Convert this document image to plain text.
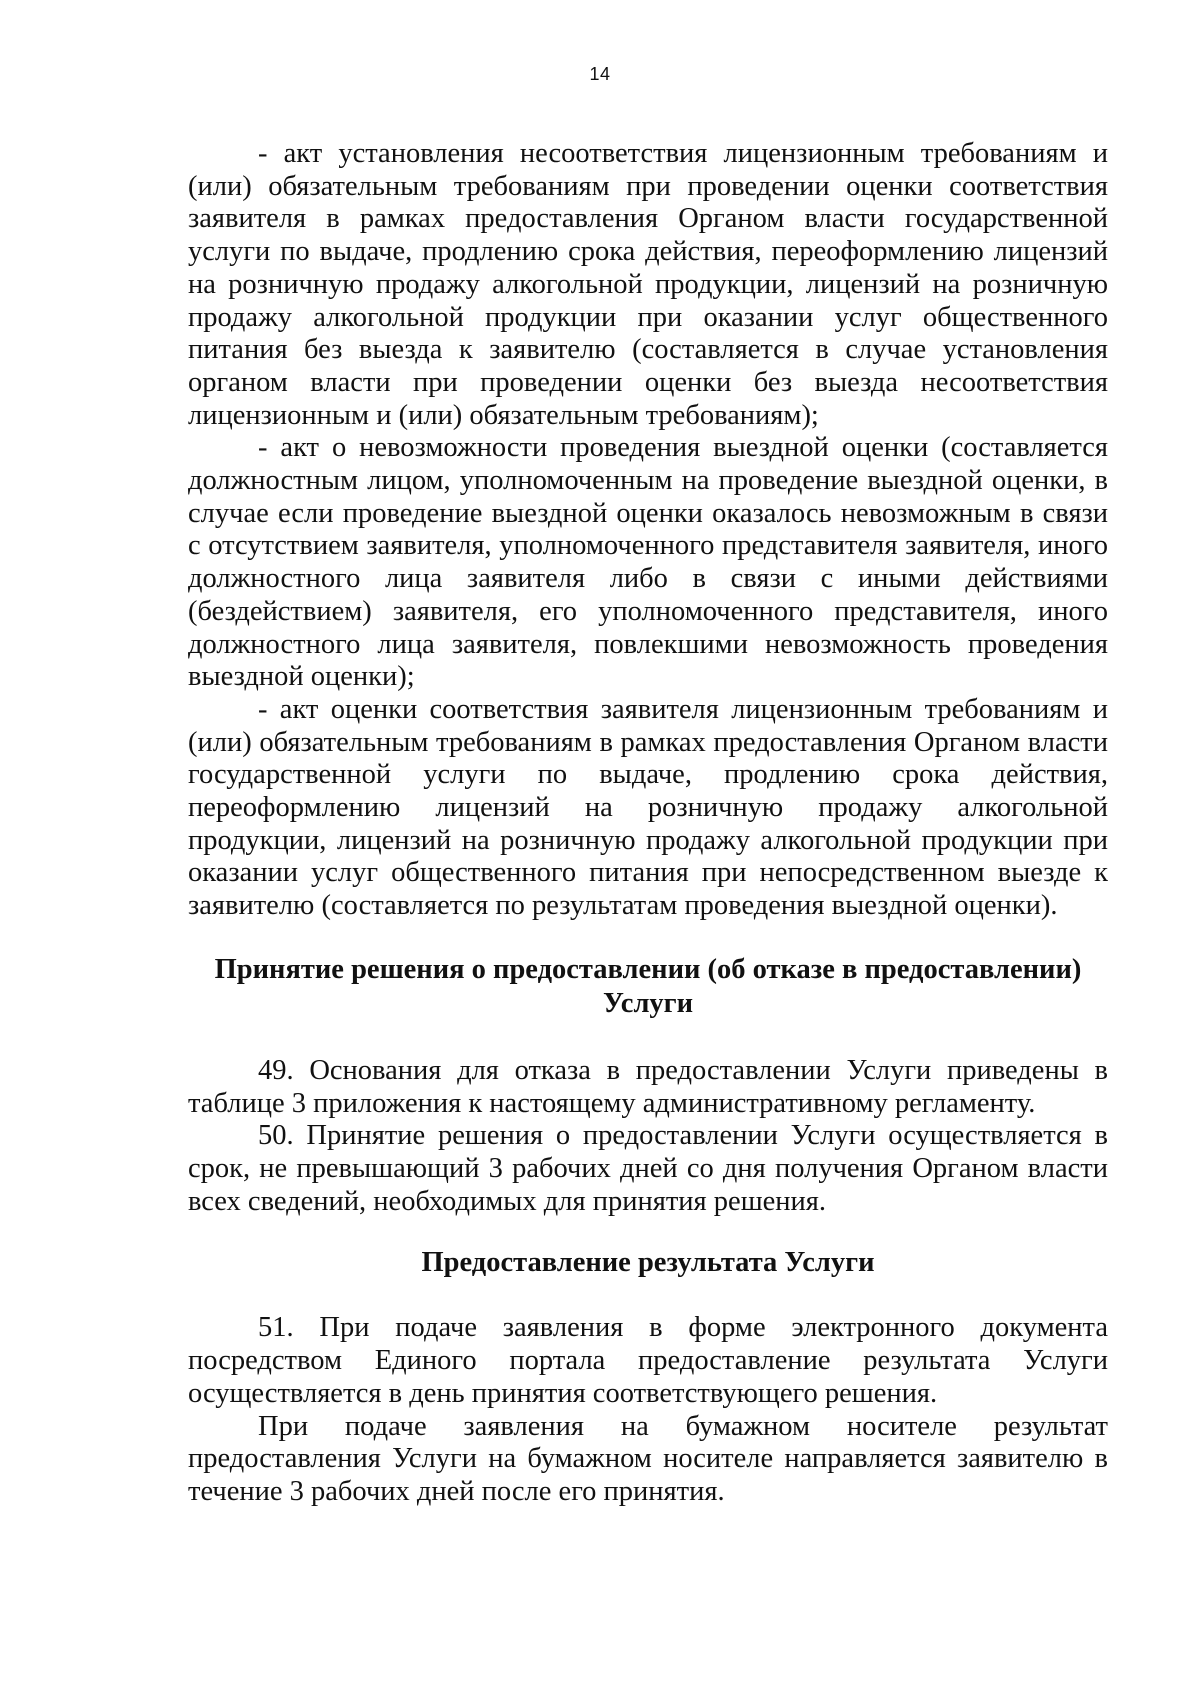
14

- акт установления несоответствия лицензионным требованиям и (или) обязательным требованиям при проведении оценки соответствия заявителя в рамках предоставления Органом власти государственной услуги по выдаче, продлению срока действия, переоформлению лицензий на розничную продажу алкогольной продукции, лицензий на розничную продажу алкогольной продукции при оказании услуг общественного питания без выезда к заявителю (составляется в случае установления органом власти при проведении оценки без выезда несоответствия лицензионным и (или) обязательным требованиям);

- акт о невозможности проведения выездной оценки (составляется должностным лицом, уполномоченным на проведение выездной оценки, в случае если проведение выездной оценки оказалось невозможным в связи с отсутствием заявителя, уполномоченного представителя заявителя, иного должностного лица заявителя либо в связи с иными действиями (бездействием) заявителя, его уполномоченного представителя, иного должностного лица заявителя, повлекшими невозможность проведения выездной оценки);

- акт оценки соответствия заявителя лицензионным требованиям и (или) обязательным требованиям в рамках предоставления Органом власти государственной услуги по выдаче, продлению срока действия, переоформлению лицензий на розничную продажу алкогольной продукции, лицензий на розничную продажу алкогольной продукции при оказании услуг общественного питания при непосредственном выезде к заявителю (составляется по результатам проведения выездной оценки).

Принятие решения о предоставлении (об отказе в предоставлении)
Услуги

49. Основания для отказа в предоставлении Услуги приведены в таблице 3 приложения к настоящему административному регламенту.

50. Принятие решения о предоставлении Услуги осуществляется в срок, не превышающий 3 рабочих дней со дня получения Органом власти всех сведений, необходимых для принятия решения.

Предоставление результата Услуги

51. При подаче заявления в форме электронного документа посредством Единого портала предоставление результата Услуги осуществляется в день принятия соответствующего решения.

При подаче заявления на бумажном носителе результат предоставления Услуги на бумажном носителе направляется заявителю в течение 3 рабочих дней после его принятия.
